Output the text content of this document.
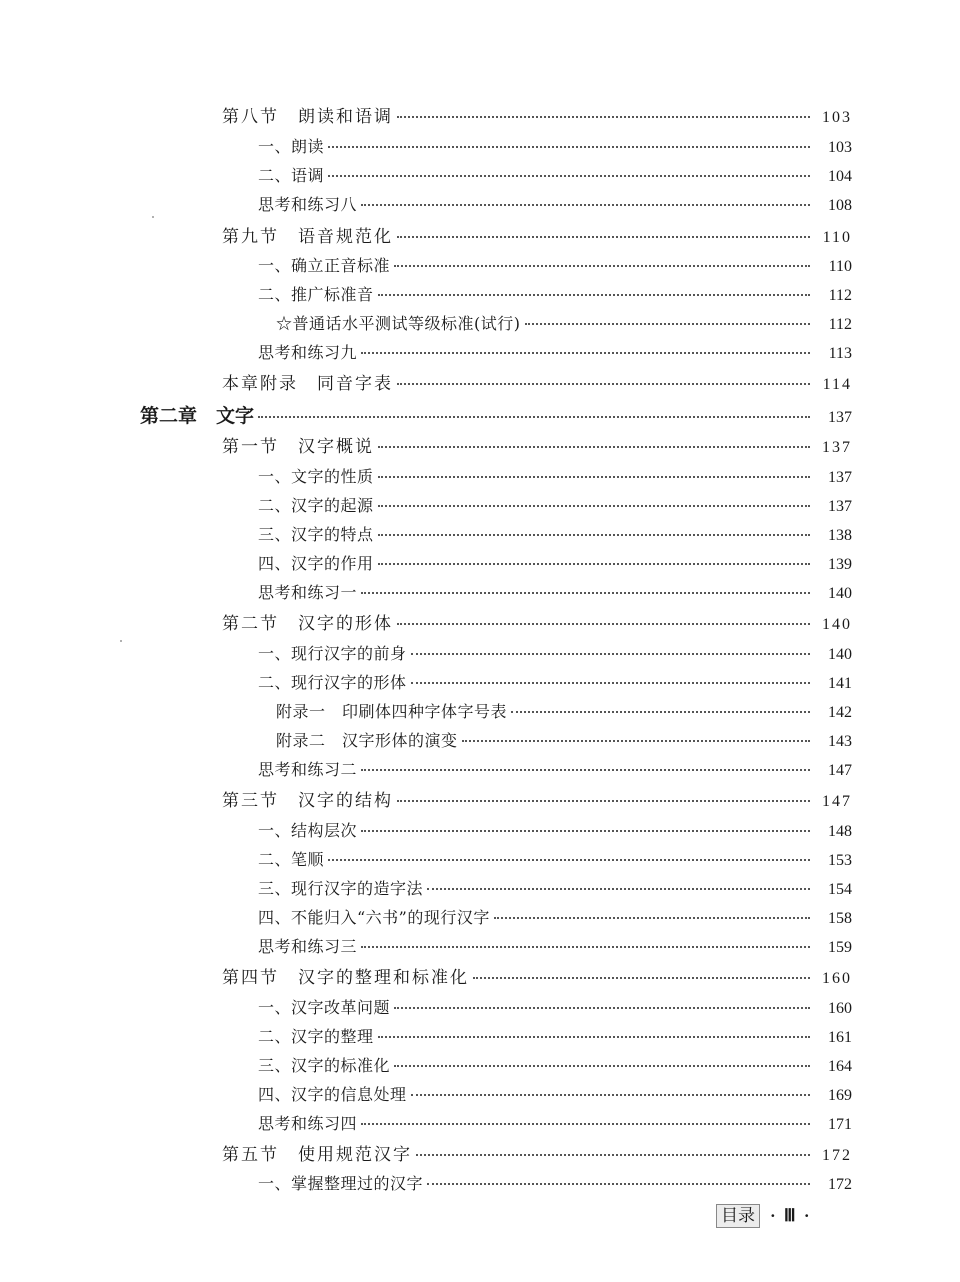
第八节　朗读和语调	103
一、朗读	103
二、语调	104
思考和练习八	108
第九节　语音规范化	110
一、确立正音标准	110
二、推广标准音	112
☆普通话水平测试等级标准(试行)	112
思考和练习九	113
本章附录　同音字表	114
第二章　文字	137
第一节　汉字概说	137
一、文字的性质	137
二、汉字的起源	137
三、汉字的特点	138
四、汉字的作用	139
思考和练习一	140
第二节　汉字的形体	140
一、现行汉字的前身	140
二、现行汉字的形体	141
附录一　印刷体四种字体字号表	142
附录二　汉字形体的演变	143
思考和练习二	147
第三节　汉字的结构	147
一、结构层次	148
二、笔顺	153
三、现行汉字的造字法	154
四、不能归入“六书”的现行汉字	158
思考和练习三	159
第四节　汉字的整理和标准化	160
一、汉字改革问题	160
二、汉字的整理	161
三、汉字的标准化	164
四、汉字的信息处理	169
思考和练习四	171
第五节　使用规范汉字	172
一、掌握整理过的汉字	172
目录 · Ⅲ ·
